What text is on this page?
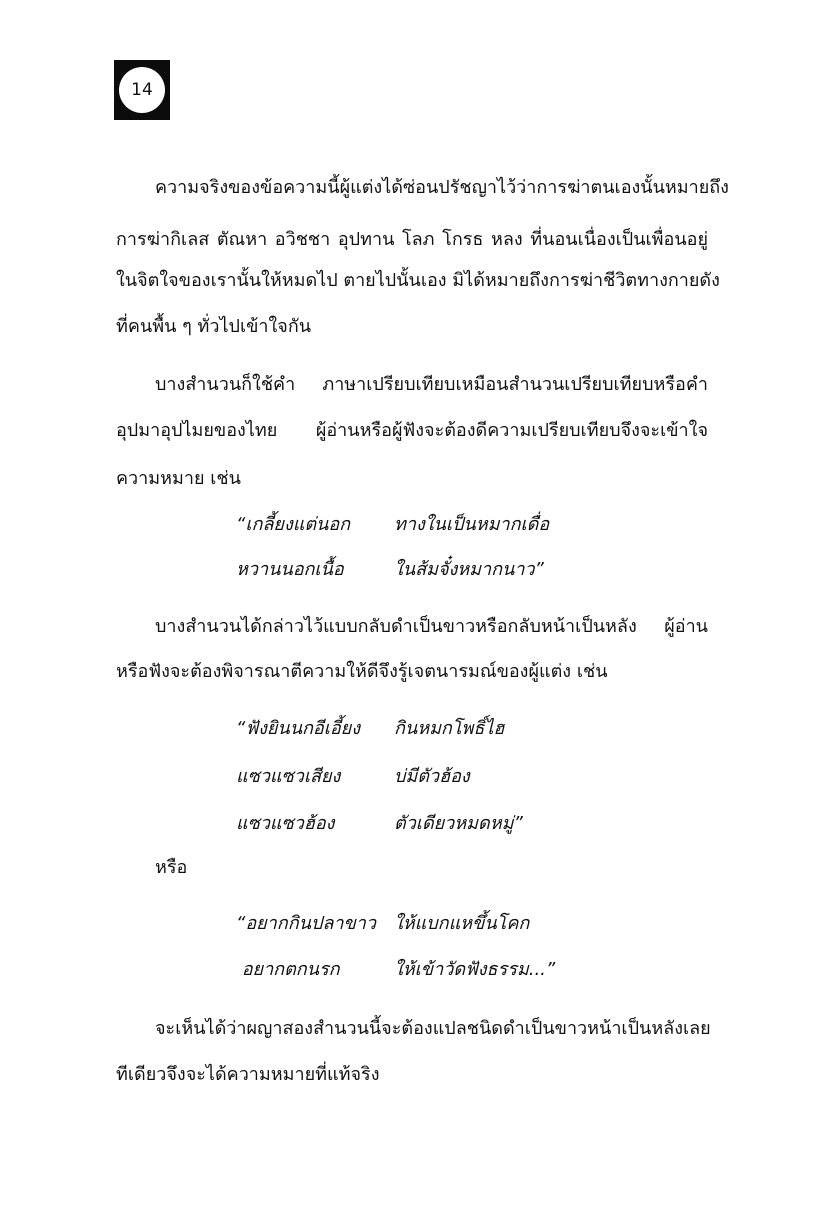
14
ความจริงของข้อความนี้ผู้แต่งได้ซ่อนปรัชญาไว้ว่าการฆ่าตนเองนั้นหมายถึง
การฆ่ากิเลส ตัณหา อวิชชา อุปทาน โลภ โกรธ หลง ที่นอนเนื่องเป็นเพื่อนอยู่
ในจิตใจของเรานั้นให้หมดไป ตายไปนั้นเอง มิได้หมายถึงการฆ่าชีวิตทางกายดัง
ที่คนพื้น ๆ ทั่วไปเข้าใจกัน
บางสำนวนก็ใช้คำ ภาษาเปรียบเทียบเหมือนสำนวนเปรียบเทียบหรือคำ
อุปมาอุปไมยของไทย ผู้อ่านหรือผู้ฟังจะต้องดีความเปรียบเทียบจึงจะเข้าใจ
ความหมาย เช่น
“เกลี้ยงแต่นอก ทางในเป็นหมากเดื่อ
หวานนอกเนื้อ	ในส้มจั๋งหมากนาว”
บางสำนวนได้กล่าวไว้แบบกลับดำเป็นขาวหรือกลับหน้าเป็นหลัง ผู้อ่าน
หรือฟังจะต้องพิจารณาตีความให้ดีจึงรู้เจตนารมณ์ของผู้แต่ง เช่น
“ฟังยินนกอีเอี้ยง กินหมกโพธิ์ไฮ
แซวแซวเสียง	บ่มีตัวฮ้อง
แซวแซวฮ้อง	ตัวเดียวหมดหมู่”
หรือ
“อยากกินปลาขาว ให้แบกแหขึ้นโคก
อยากตกนรก	ให้เข้าวัดฟังธรรม...”
จะเห็นได้ว่าผญาสองสำนวนนี้จะต้องแปลชนิดดำเป็นขาวหน้าเป็นหลังเลย
ทีเดียวจึงจะได้ความหมายที่แท้จริง
